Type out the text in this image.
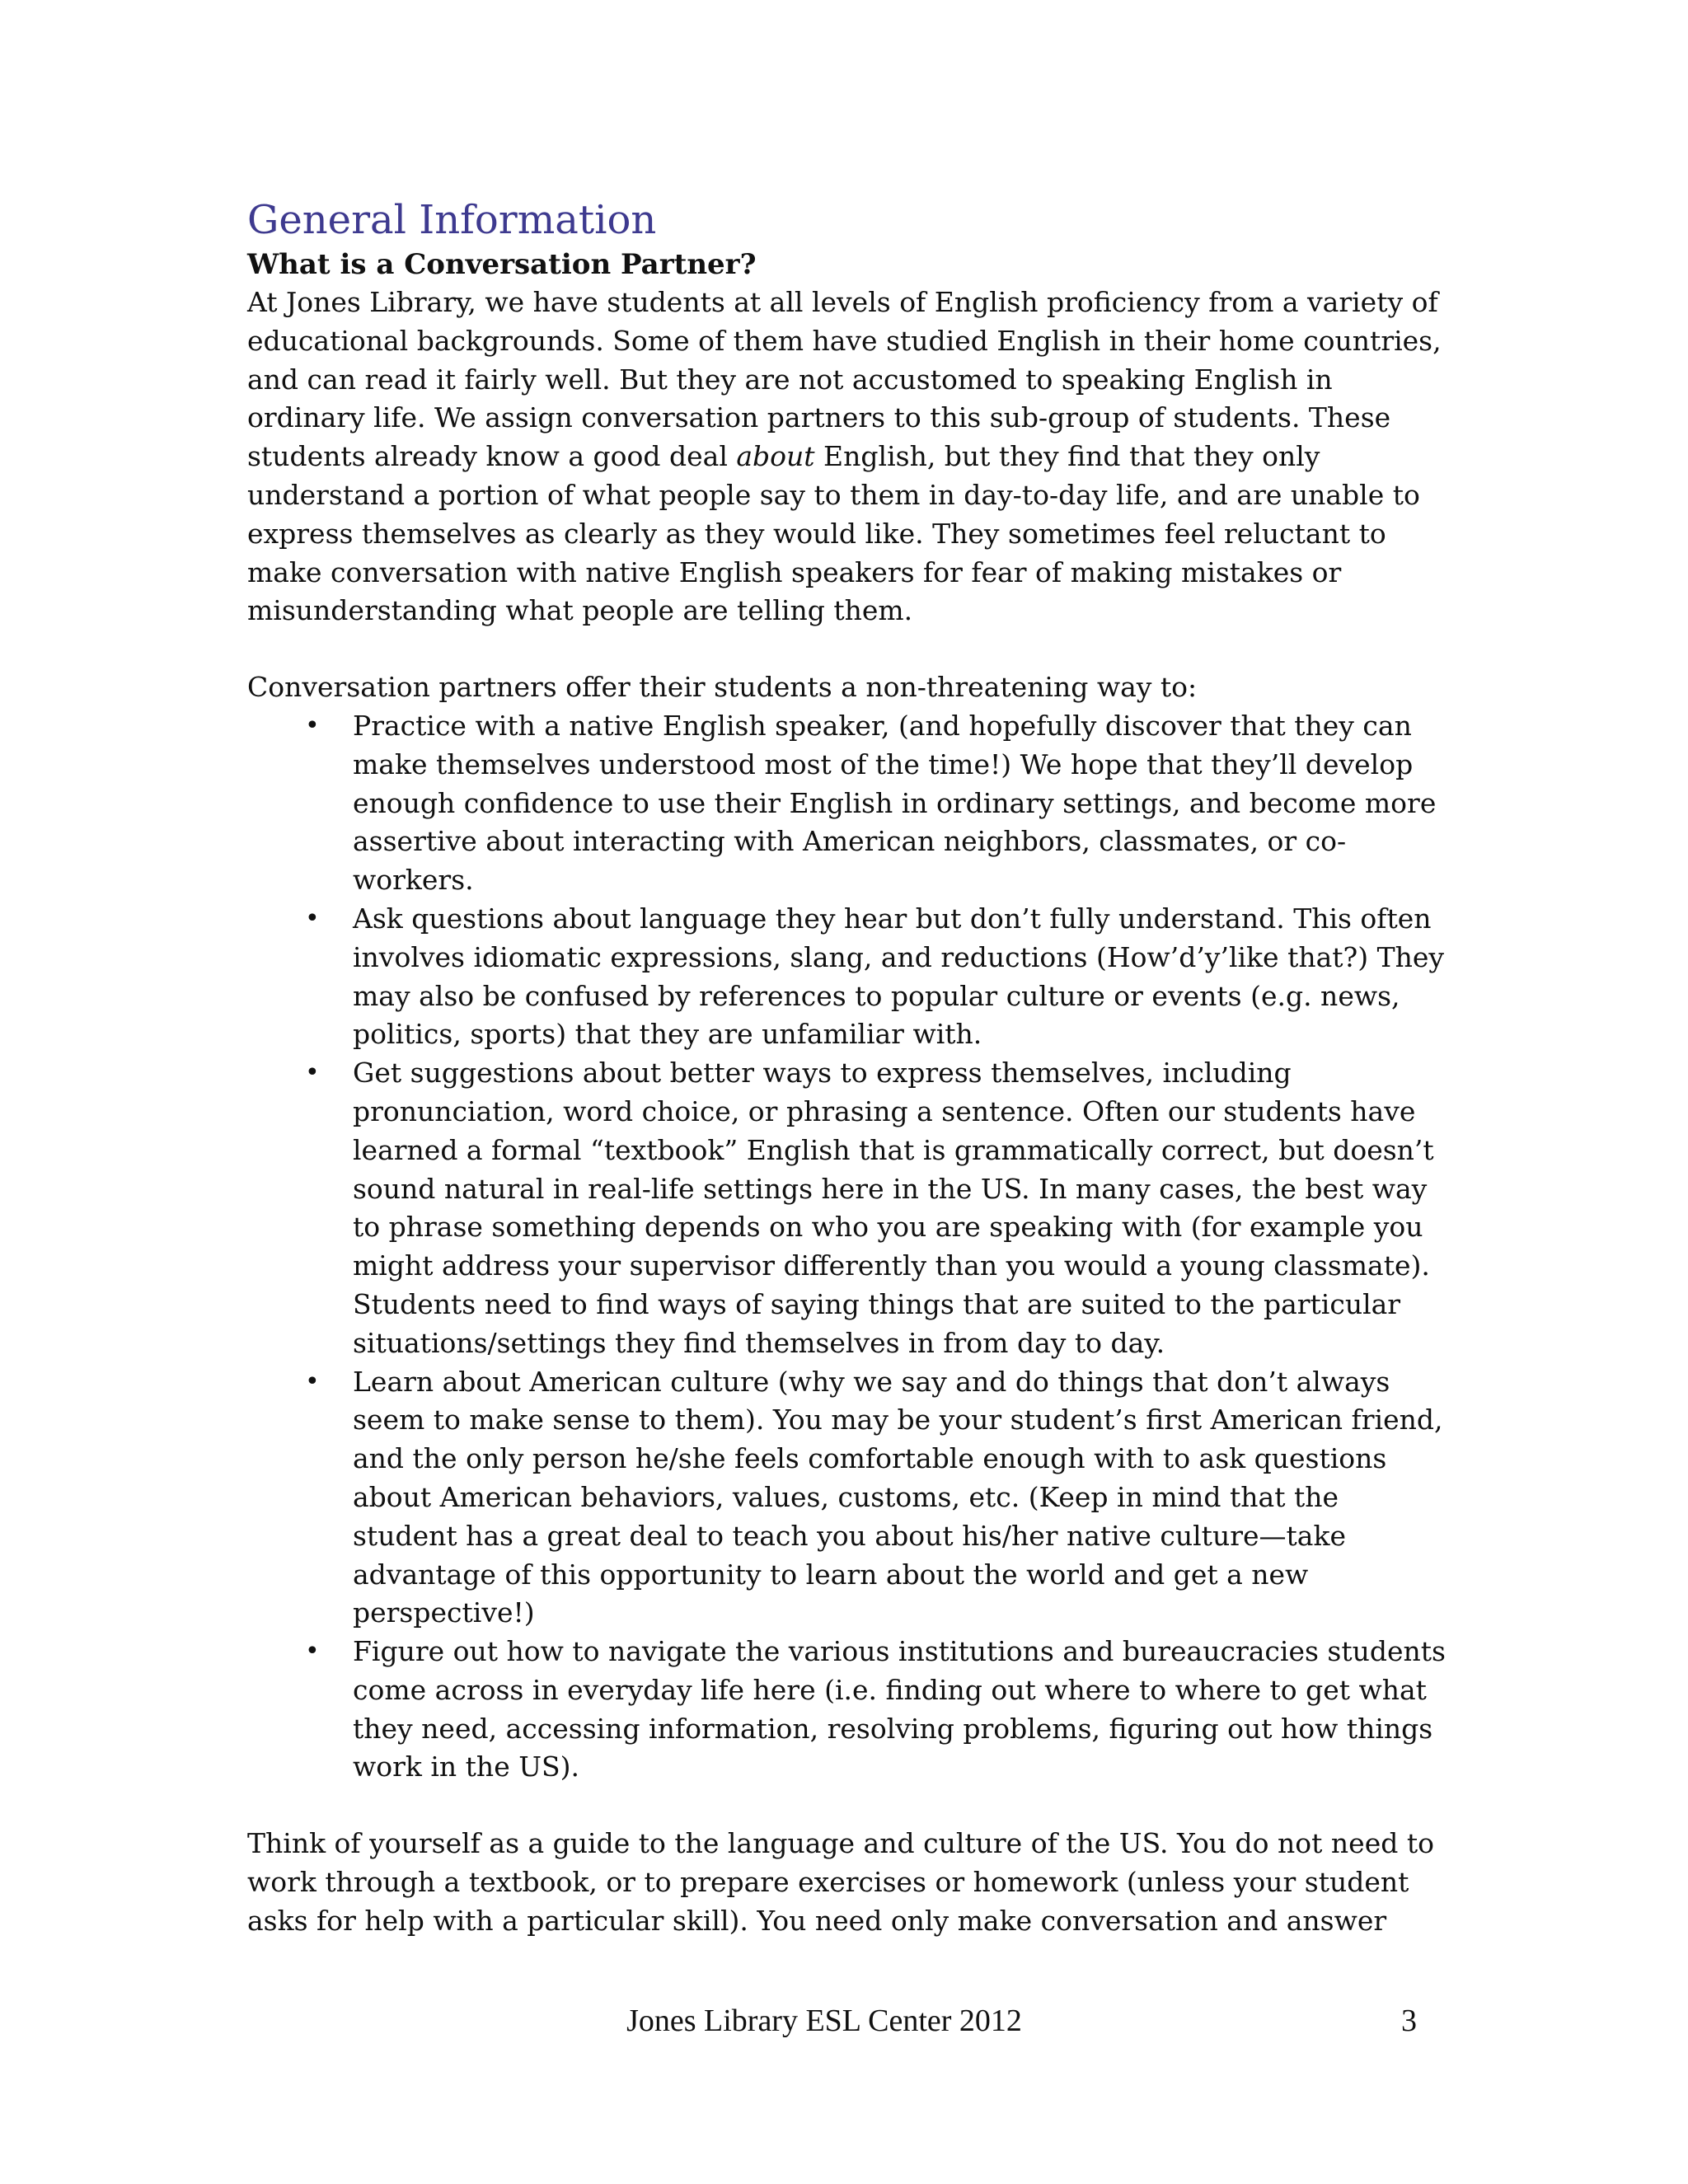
General Information
What is a Conversation Partner?

At Jones Library, we have students at all levels of English proficiency from a variety of educational backgrounds. Some of them have studied English in their home countries, and can read it fairly well. But they are not accustomed to speaking English in ordinary life. We assign conversation partners to this sub-group of students. These students already know a good deal about English, but they find that they only understand a portion of what people say to them in day-to-day life, and are unable to express themselves as clearly as they would like. They sometimes feel reluctant to make conversation with native English speakers for fear of making mistakes or misunderstanding what people are telling them.

Conversation partners offer their students a non-threatening way to:

• Practice with a native English speaker, (and hopefully discover that they can make themselves understood most of the time!) We hope that they’ll develop enough confidence to use their English in ordinary settings, and become more assertive about interacting with American neighbors, classmates, or co-workers.
• Ask questions about language they hear but don’t fully understand. This often involves idiomatic expressions, slang, and reductions (How’d’y’like that?) They may also be confused by references to popular culture or events (e.g. news, politics, sports) that they are unfamiliar with.
• Get suggestions about better ways to express themselves, including pronunciation, word choice, or phrasing a sentence. Often our students have learned a formal “textbook” English that is grammatically correct, but doesn’t sound natural in real-life settings here in the US. In many cases, the best way to phrase something depends on who you are speaking with (for example you might address your supervisor differently than you would a young classmate). Students need to find ways of saying things that are suited to the particular situations/settings they find themselves in from day to day.
• Learn about American culture (why we say and do things that don’t always seem to make sense to them). You may be your student’s first American friend, and the only person he/she feels comfortable enough with to ask questions about American behaviors, values, customs, etc. (Keep in mind that the student has a great deal to teach you about his/her native culture—take advantage of this opportunity to learn about the world and get a new perspective!)
• Figure out how to navigate the various institutions and bureaucracies students come across in everyday life here (i.e. finding out where to where to get what they need, accessing information, resolving problems, figuring out how things work in the US).

Think of yourself as a guide to the language and culture of the US. You do not need to work through a textbook, or to prepare exercises or homework (unless your student asks for help with a particular skill). You need only make conversation and answer

Jones Library ESL Center 2012	3
